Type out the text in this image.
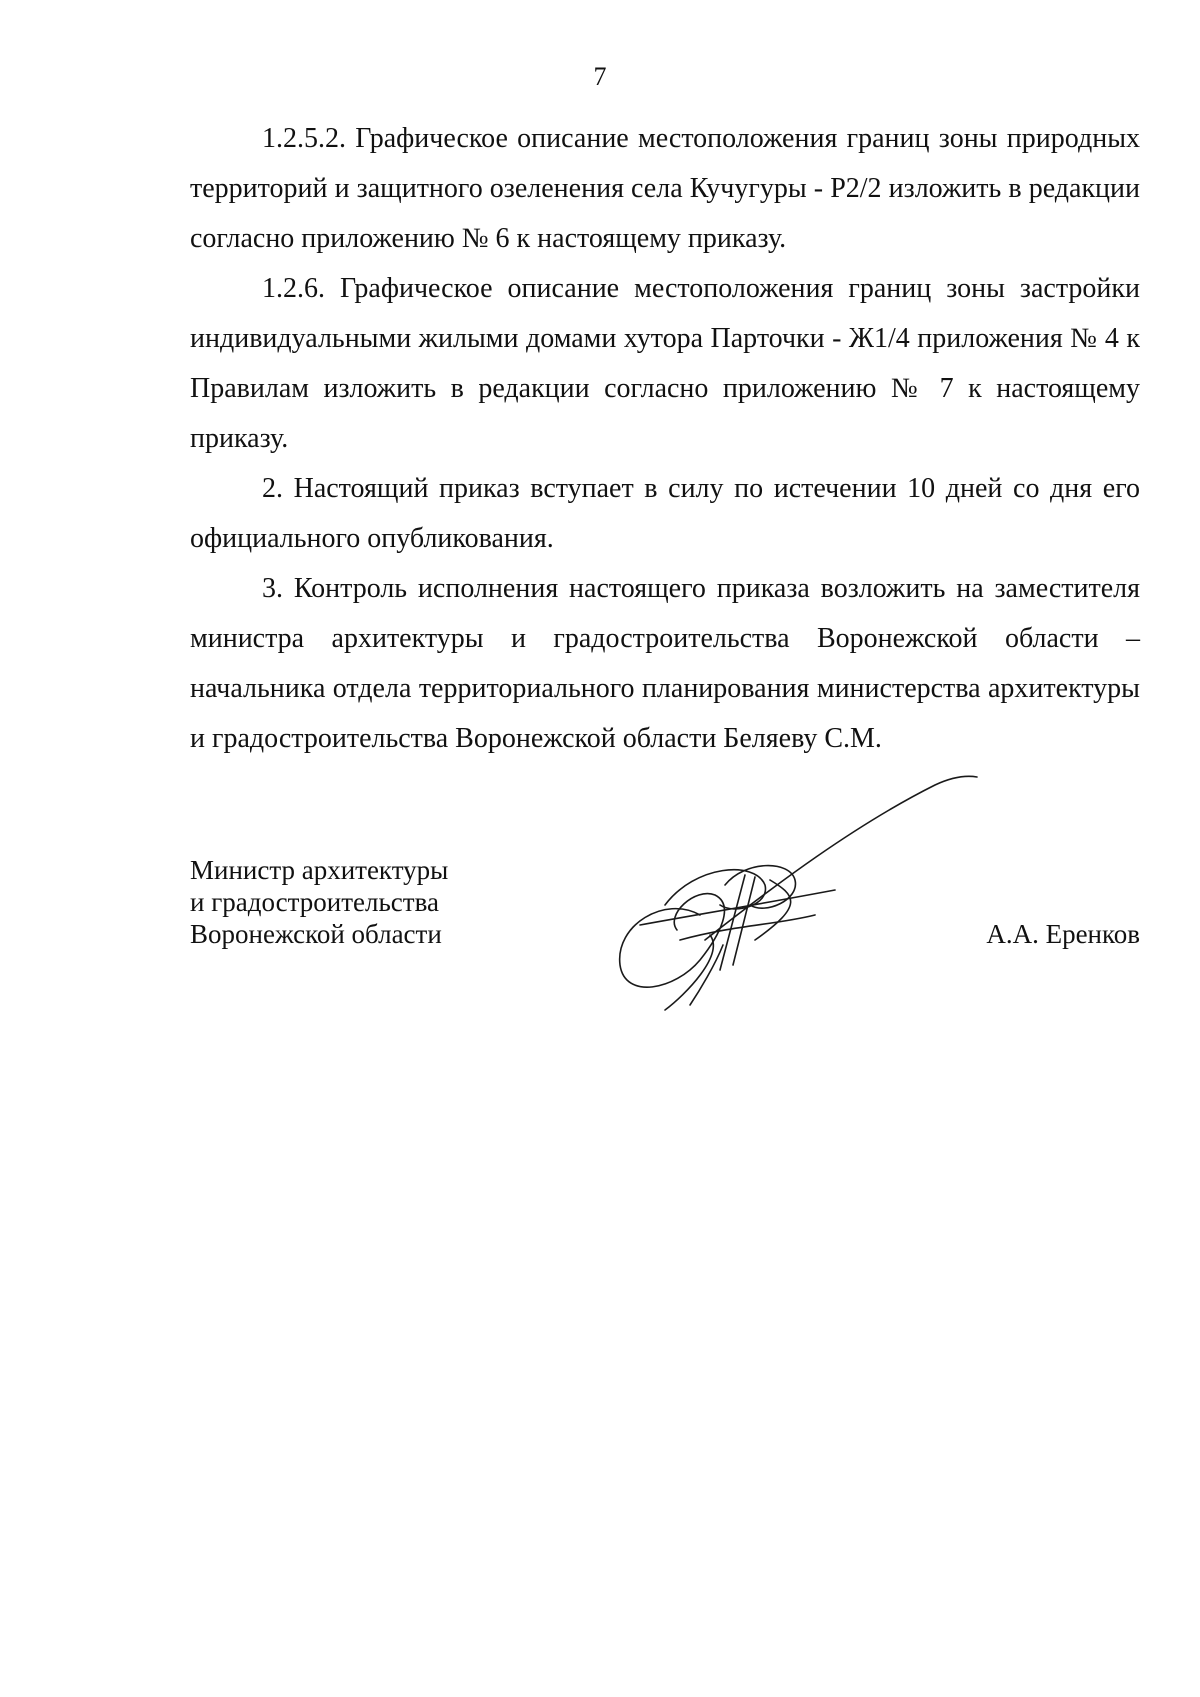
7

1.2.5.2. Графическое описание местоположения границ зоны природных территорий и защитного озеленения села Кучугуры - Р2/2 изложить в редакции согласно приложению № 6 к настоящему приказу.

1.2.6. Графическое описание местоположения границ зоны застройки индивидуальными жилыми домами хутора Парточки - Ж1/4 приложения № 4 к Правилам изложить в редакции согласно приложению № 7 к настоящему приказу.

2. Настоящий приказ вступает в силу по истечении 10 дней со дня его официального опубликования.

3. Контроль исполнения настоящего приказа возложить на заместителя министра архитектуры и градостроительства Воронежской области – начальника отдела территориального планирования министерства архитектуры и градостроительства Воронежской области Беляеву С.М.

Министр архитектуры
и градостроительства
Воронежской области	А.А. Еренков
